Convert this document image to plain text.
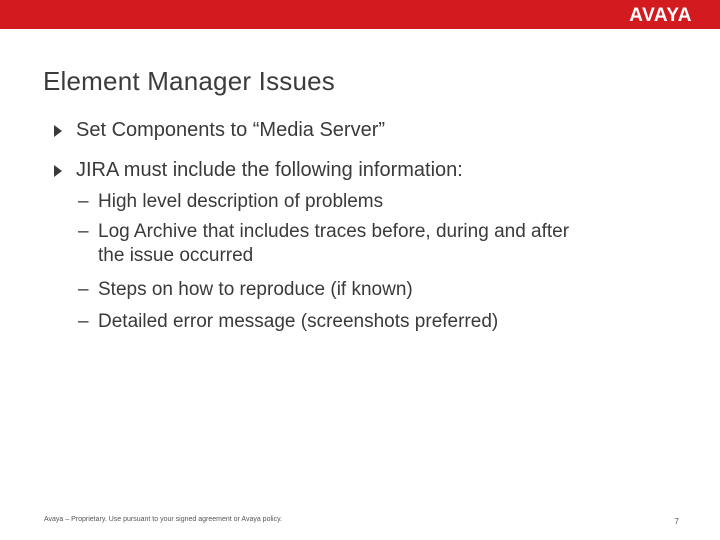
AVAYA
Element Manager Issues
Set Components to “Media Server”
JIRA must include the following information:
– High level description of problems
– Log Archive that includes traces before, during and after
the issue occurred
– Steps on how to reproduce (if known)
– Detailed error message (screenshots preferred)
Avaya – Proprietary. Use pursuant to your signed agreement or Avaya policy.	7
